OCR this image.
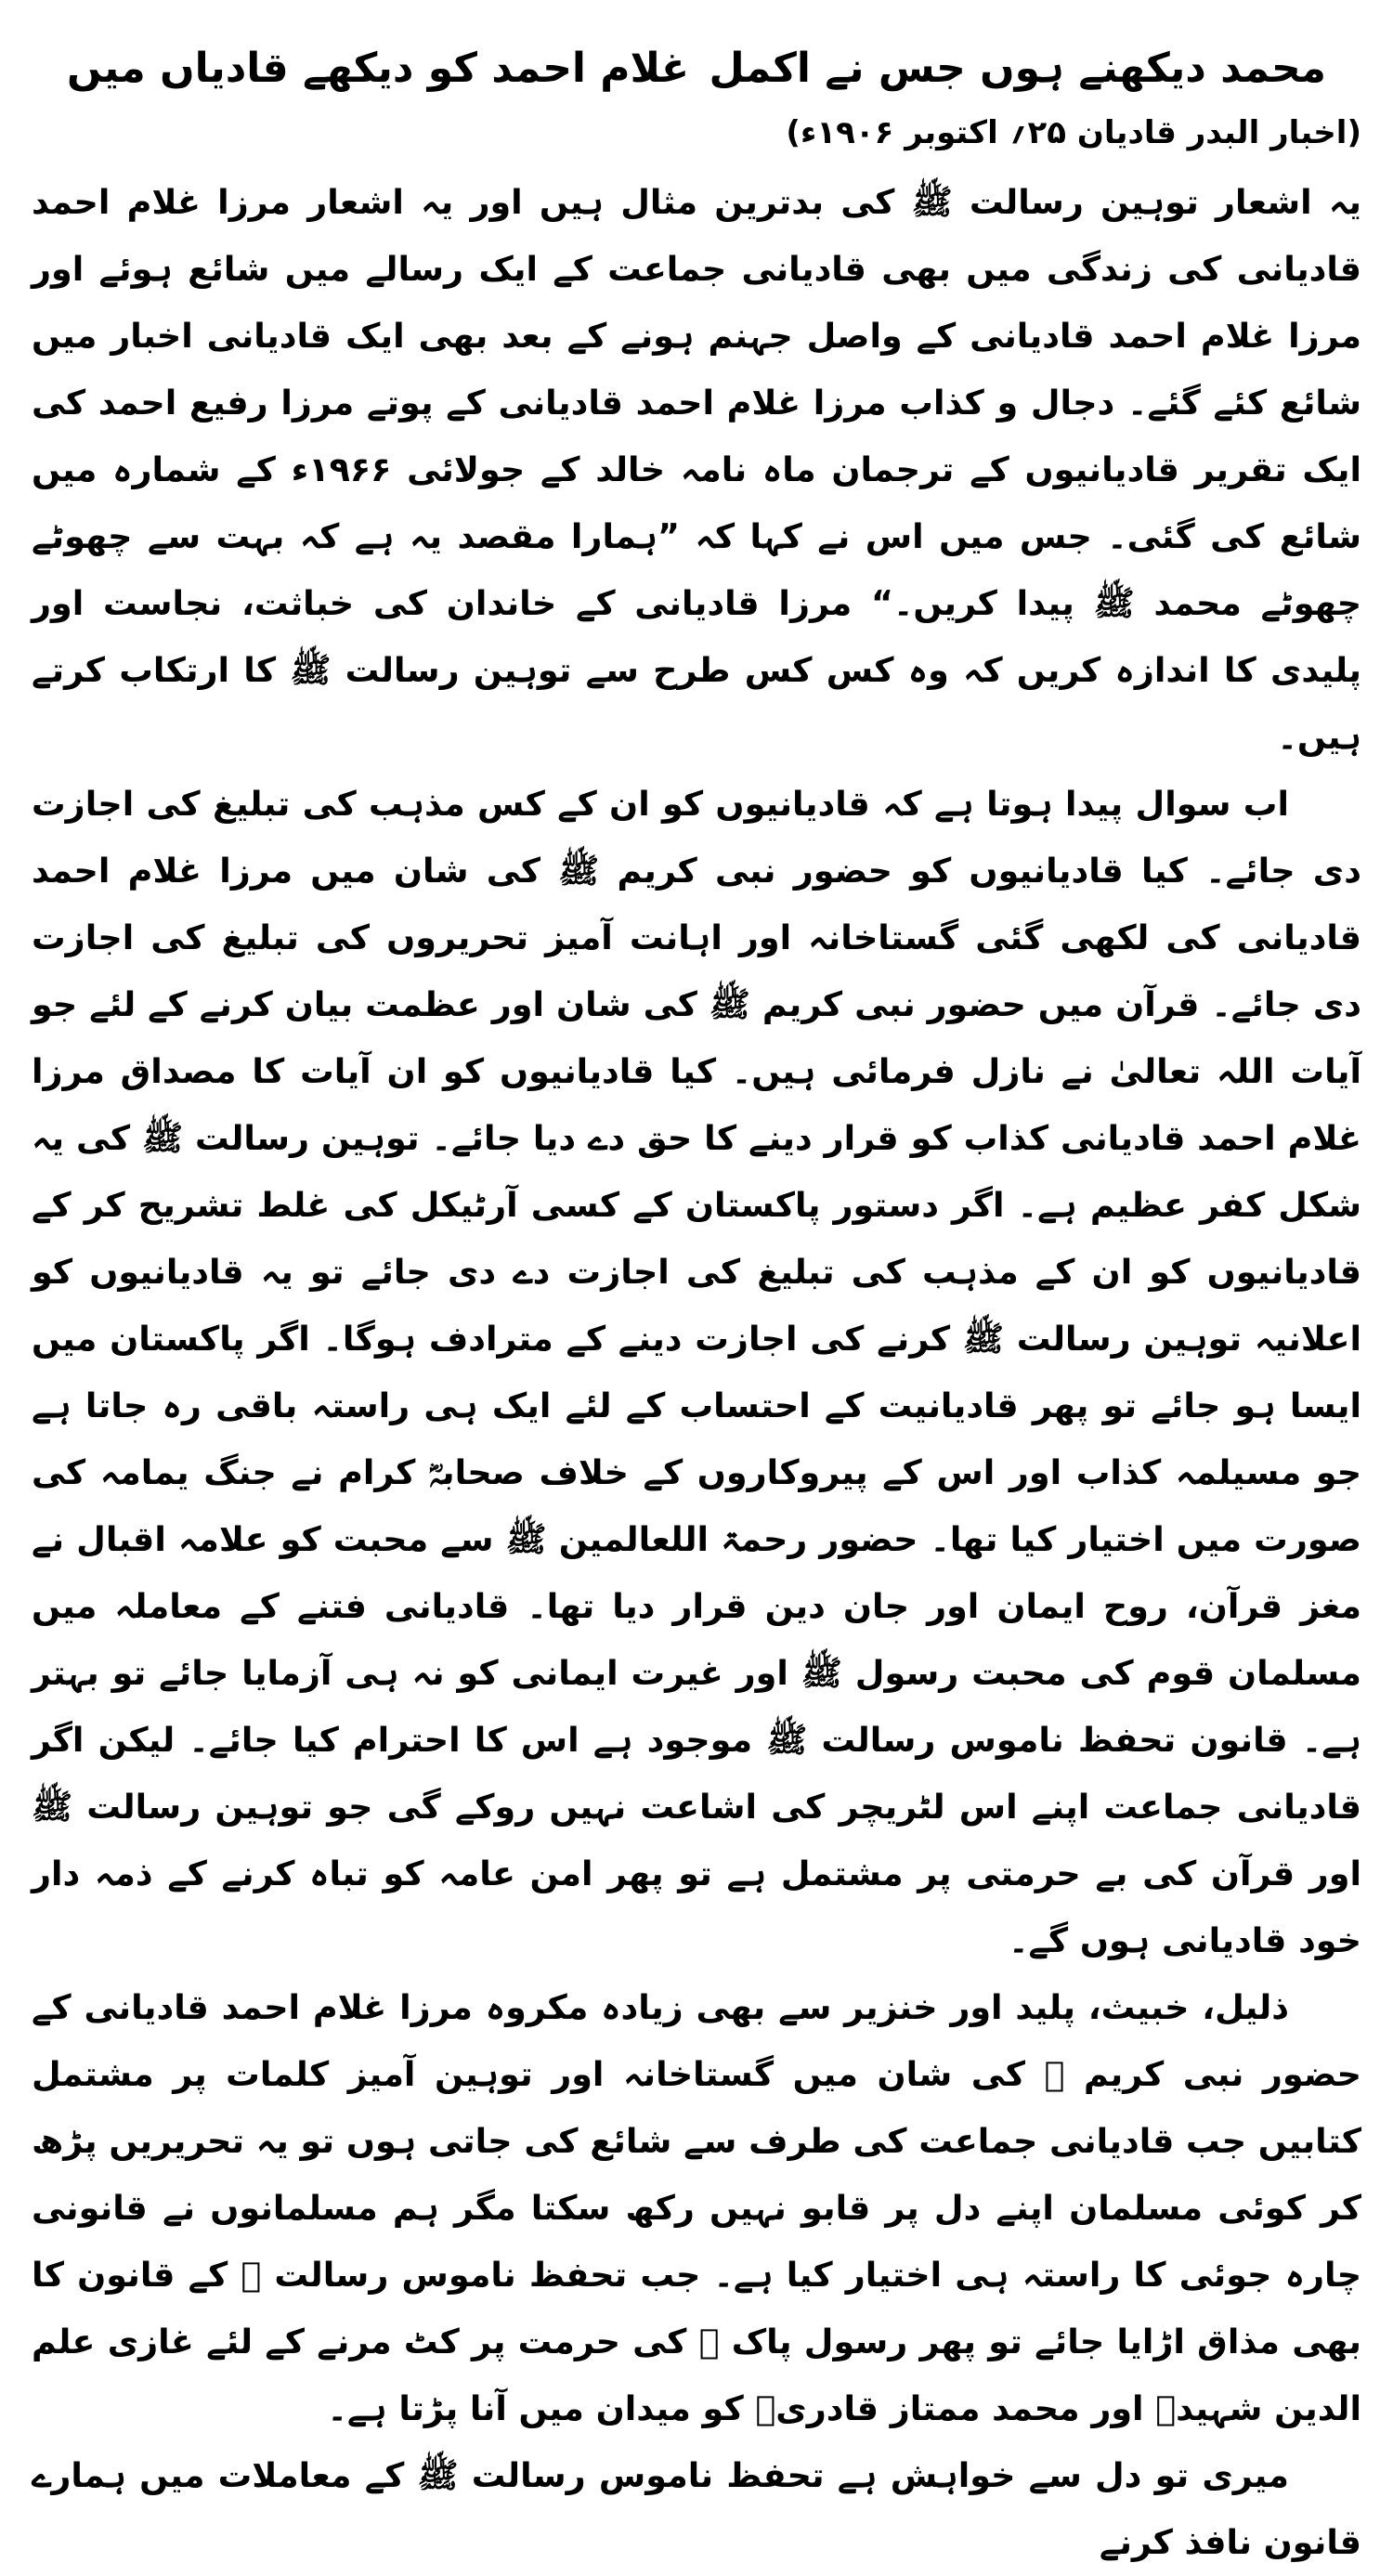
محمد دیکھنے ہوں جس نے اکمل
غلام احمد کو دیکھے قادیاں میں
(اخبار البدر قادیان ۲۵؍ اکتوبر ۱۹۰۶ء)

یہ اشعار توہین رسالت ﷺ کی بدترین مثال ہیں اور یہ اشعار مرزا غلام احمد قادیانی کی زندگی میں بھی قادیانی جماعت کے ایک رسالے میں شائع ہوئے اور مرزا غلام احمد قادیانی کے واصل جہنم ہونے کے بعد بھی ایک قادیانی اخبار میں شائع کئے گئے۔ دجال و کذاب مرزا غلام احمد قادیانی کے پوتے مرزا رفیع احمد کی ایک تقریر قادیانیوں کے ترجمان ماہ نامہ خالد کے جولائی ۱۹۶۶ء کے شمارہ میں شائع کی گئی۔ جس میں اس نے کہا کہ ”ہمارا مقصد یہ ہے کہ بہت سے چھوٹے چھوٹے محمد ﷺ پیدا کریں۔“ مرزا قادیانی کے خاندان کی خباثت، نجاست اور پلیدی کا اندازہ کریں کہ وہ کس کس طرح سے توہین رسالت ﷺ کا ارتکاب کرتے ہیں۔

اب سوال پیدا ہوتا ہے کہ قادیانیوں کو ان کے کس مذہب کی تبلیغ کی اجازت دی جائے۔ کیا قادیانیوں کو حضور نبی کریم ﷺ کی شان میں مرزا غلام احمد قادیانی کی لکھی گئی گستاخانہ اور اہانت آمیز تحریروں کی تبلیغ کی اجازت دی جائے۔ قرآن میں حضور نبی کریم ﷺ کی شان اور عظمت بیان کرنے کے لئے جو آیات اللہ تعالیٰ نے نازل فرمائی ہیں۔ کیا قادیانیوں کو ان آیات کا مصداق مرزا غلام احمد قادیانی کذاب کو قرار دینے کا حق دے دیا جائے۔ توہین رسالت ﷺ کی یہ شکل کفر عظیم ہے۔ اگر دستور پاکستان کے کسی آرٹیکل کی غلط تشریح کر کے قادیانیوں کو ان کے مذہب کی تبلیغ کی اجازت دے دی جائے تو یہ قادیانیوں کو اعلانیہ توہین رسالت ﷺ کرنے کی اجازت دینے کے مترادف ہوگا۔ اگر پاکستان میں ایسا ہو جائے تو پھر قادیانیت کے احتساب کے لئے ایک ہی راستہ باقی رہ جاتا ہے جو مسیلمہ کذاب اور اس کے پیروکاروں کے خلاف صحابہؓ کرام نے جنگ یمامہ کی صورت میں اختیار کیا تھا۔ حضور رحمۃ اللعالمین ﷺ سے محبت کو علامہ اقبال نے مغز قرآن، روح ایمان اور جان دین قرار دیا تھا۔ قادیانی فتنے کے معاملہ میں مسلمان قوم کی محبت رسول ﷺ اور غیرت ایمانی کو نہ ہی آزمایا جائے تو بہتر ہے۔ قانون تحفظ ناموس رسالت ﷺ موجود ہے اس کا احترام کیا جائے۔ لیکن اگر قادیانی جماعت اپنے اس لٹریچر کی اشاعت نہیں روکے گی جو توہین رسالت ﷺ اور قرآن کی بے حرمتی پر مشتمل ہے تو پھر امن عامہ کو تباہ کرنے کے ذمہ دار خود قادیانی ہوں گے۔

ذلیل، خبیث، پلید اور خنزیر سے بھی زیادہ مکروہ مرزا غلام احمد قادیانی کے حضور نبی کریم ﷺ کی شان میں گستاخانہ اور توہین آمیز کلمات پر مشتمل کتابیں جب قادیانی جماعت کی طرف سے شائع کی جاتی ہوں تو یہ تحریریں پڑھ کر کوئی مسلمان اپنے دل پر قابو نہیں رکھ سکتا مگر ہم مسلمانوں نے قانونی چارہ جوئی کا راستہ ہی اختیار کیا ہے۔ جب تحفظ ناموس رسالت ﷺ کے قانون کا بھی مذاق اڑایا جائے تو پھر رسول پاک ﷺ کی حرمت پر کٹ مرنے کے لئے غازی علم الدین شہیدؒ اور محمد ممتاز قادریؒ کو میدان میں آنا پڑتا ہے۔

میری تو دل سے خواہش ہے تحفظ ناموس رسالت ﷺ کے معاملات میں ہمارے قانون نافذ کرنے
